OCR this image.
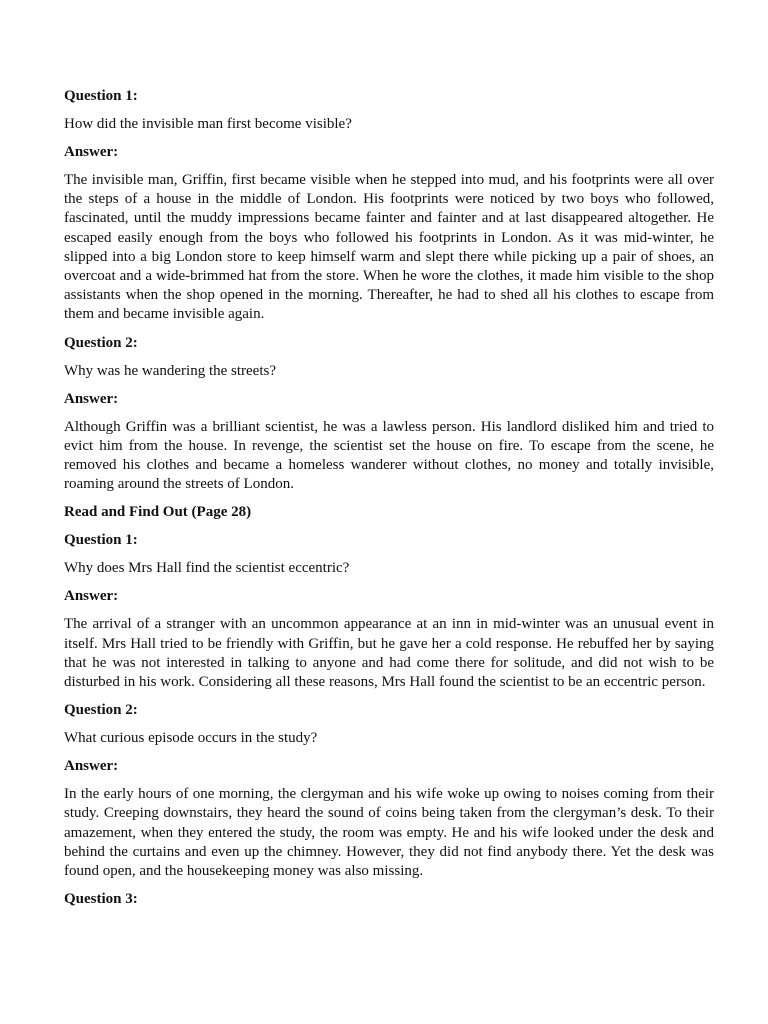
Question 1:

How did the invisible man first become visible?

Answer:

The invisible man, Griffin, first became visible when he stepped into mud, and his footprints were all over the steps of a house in the middle of London. His footprints were noticed by two boys who followed, fascinated, until the muddy impressions became fainter and fainter and at last disappeared altogether. He escaped easily enough from the boys who followed his footprints in London. As it was mid-winter, he slipped into a big London store to keep himself warm and slept there while picking up a pair of shoes, an overcoat and a wide-brimmed hat from the store. When he wore the clothes, it made him visible to the shop assistants when the shop opened in the morning. Thereafter, he had to shed all his clothes to escape from them and became invisible again.

Question 2:

Why was he wandering the streets?

Answer:

Although Griffin was a brilliant scientist, he was a lawless person. His landlord disliked him and tried to evict him from the house. In revenge, the scientist set the house on fire. To escape from the scene, he removed his clothes and became a homeless wanderer without clothes, no money and totally invisible, roaming around the streets of London.

Read and Find Out (Page 28)

Question 1:

Why does Mrs Hall find the scientist eccentric?

Answer:

The arrival of a stranger with an uncommon appearance at an inn in mid-winter was an unusual event in itself. Mrs Hall tried to be friendly with Griffin, but he gave her a cold response. He rebuffed her by saying that he was not interested in talking to anyone and had come there for solitude, and did not wish to be disturbed in his work. Considering all these reasons, Mrs Hall found the scientist to be an eccentric person.

Question 2:

What curious episode occurs in the study?

Answer:

In the early hours of one morning, the clergyman and his wife woke up owing to noises coming from their study. Creeping downstairs, they heard the sound of coins being taken from the clergyman’s desk. To their amazement, when they entered the study, the room was empty. He and his wife looked under the desk and behind the curtains and even up the chimney. However, they did not find anybody there. Yet the desk was found open, and the housekeeping money was also missing.

Question 3:
